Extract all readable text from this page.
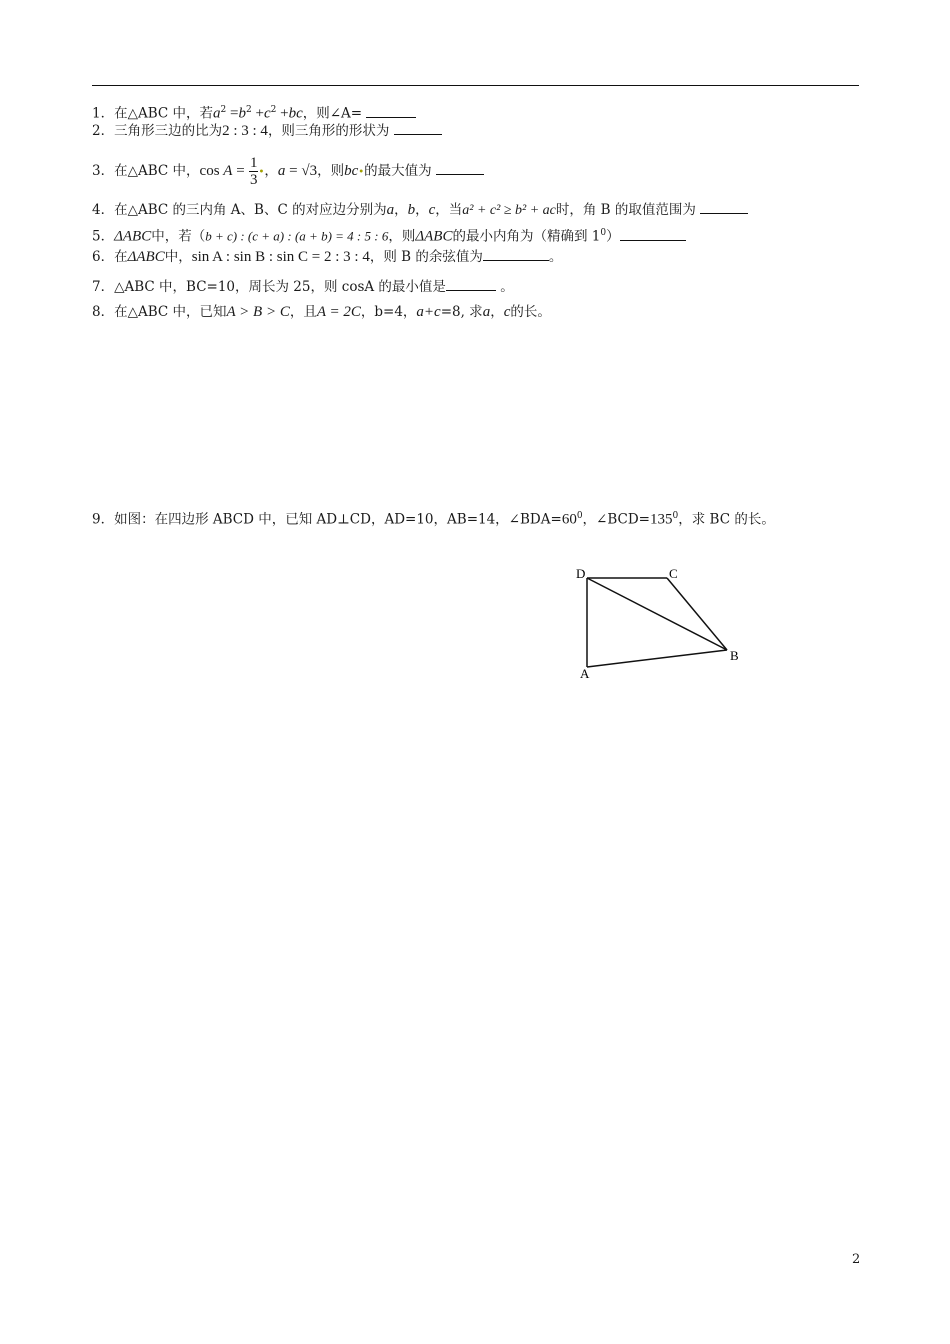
1．在△ABC 中，若$a^2 =b^2 +c^2 +bc$，则∠A=
2．三角形三边的比为2 : 3 : 4，则三角形的形状为
3．在△ABC 中，$\cos A = \frac{1}{3}$ •，a = √3，则bc•的最大值为
4．在△ABC 的三内角 A、B、C 的对应边分别为a，b，c，当a² + c² ≥ b² + ac时，角 B 的取值范围为
5．ΔABC中，若（b + c) : (c + a) : (a + b) = 4 : 5 : 6，则ΔABC的最小内角为（精确到 $1^0$）
6．在ΔABC中，sin A : sin B : sin C = 2 : 3 : 4，则 B 的余弦值为	。
7．△ABC 中，BC=10，周长为 25，则 cosA 的最小值是	。
8．在△ABC 中，已知A > B > C，且A = 2C，b=4，a+c=8, 求a，c的长。
9．如图：在四边形 ABCD 中，已知 AD⊥CD，AD=10，AB=14，$\angle BDA=60^0$，$\angle BCD=135^0$，求 BC 的长。
D	C
A
B
2
